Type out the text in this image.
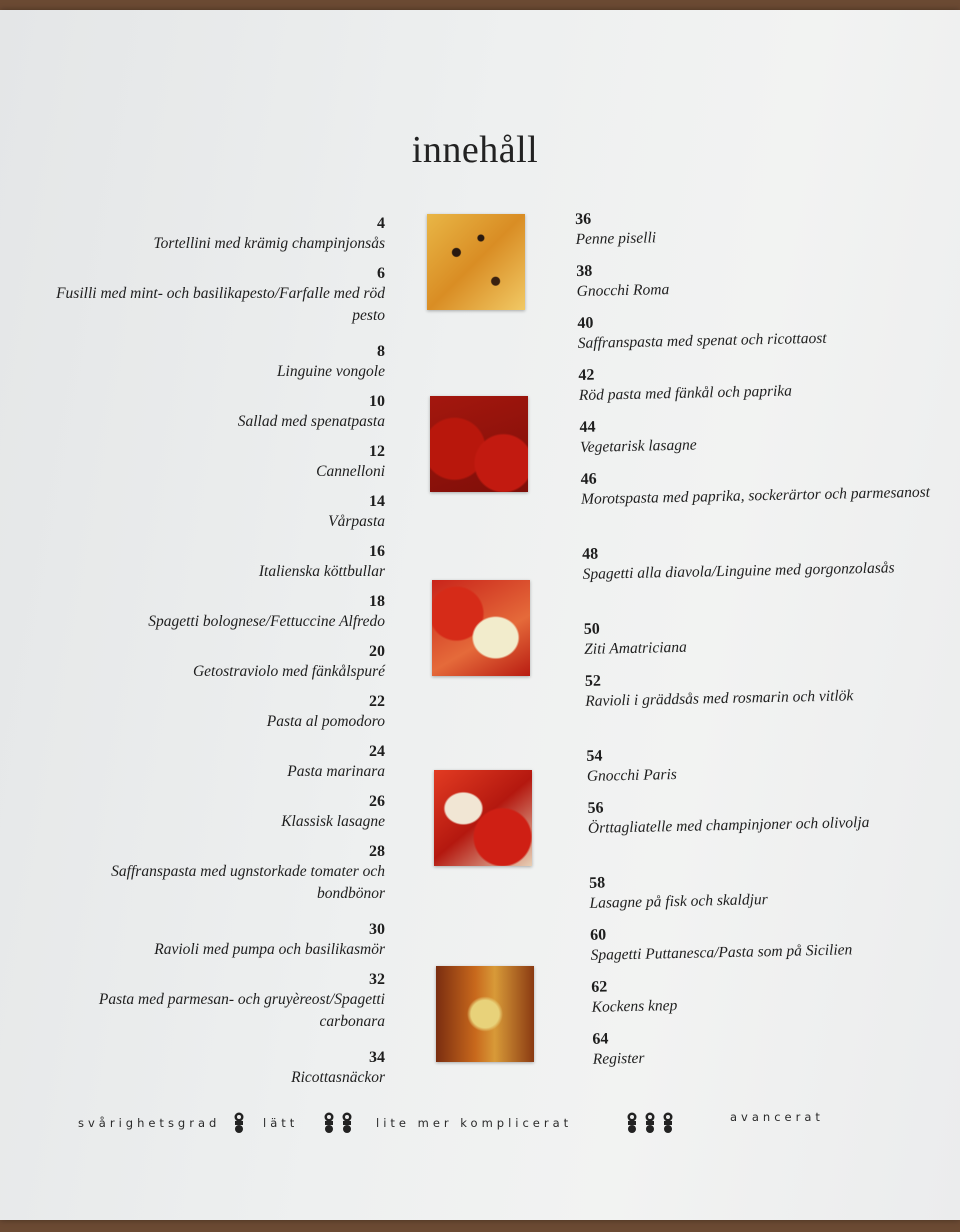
innehåll
4
Tortellini med krämig champinjonsås
6
Fusilli med mint- och basilikapesto/Farfalle med röd pesto
8
Linguine vongole
10
Sallad med spenatpasta
12
Cannelloni
14
Vårpasta
16
Italienska köttbullar
18
Spagetti bolognese/Fettuccine Alfredo
20
Getostraviolo med fänkålspuré
22
Pasta al pomodoro
24
Pasta marinara
26
Klassisk lasagne
28
Saffranspasta med ugnstorkade tomater och bondbönor
30
Ravioli med pumpa och basilikasmör
32
Pasta med parmesan- och gruyèreost/Spagetti carbonara
34
Ricottasnäckor
36
Penne piselli
38
Gnocchi Roma
40
Saffranspasta med spenat och ricottaost
42
Röd pasta med fänkål och paprika
44
Vegetarisk lasagne
46
Morotspasta med paprika, sockerärtor och parmesanost
48
Spagetti alla diavola/Linguine med gorgonzolasås
50
Ziti Amatriciana
52
Ravioli i gräddsås med rosmarin och vitlök
54
Gnocchi Paris
56
Örttagliatelle med champinjoner och olivolja
58
Lasagne på fisk och skaldjur
60
Spagetti Puttanesca/Pasta som på Sicilien
62
Kockens knep
64
Register
svårighetsgrad	lätt	lite mer komplicerat	avancerat
